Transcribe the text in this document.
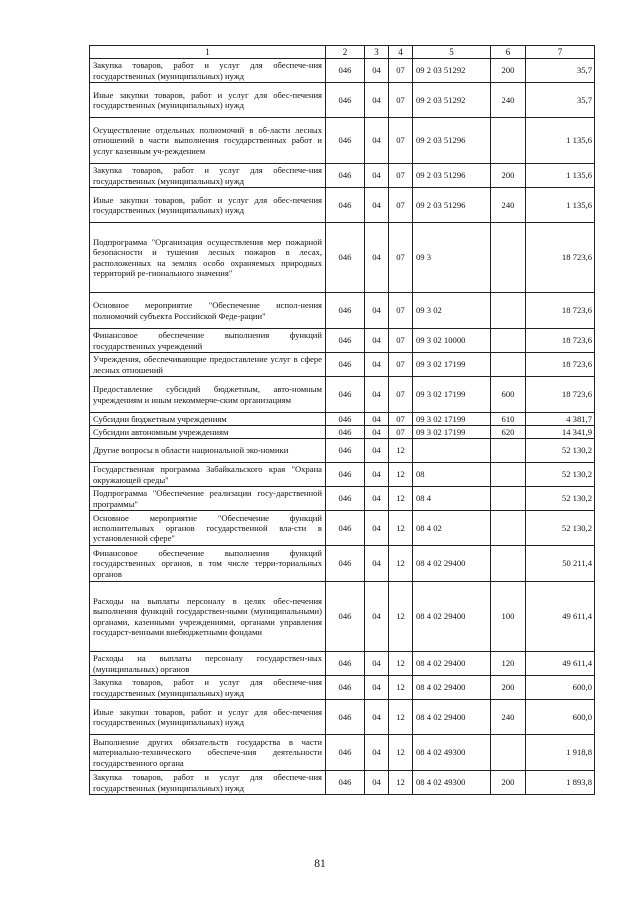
1	2	3	4	5	6	7
Закупка товаров, работ и услуг для обеспече-ния государственных (муниципальных) нужд	046	04	07	09 2 03 51292	200	35,7
Иные закупки товаров, работ и услуг для обес-печения государственных (муниципальных) нужд	046	04	07	09 2 03 51292	240	35,7
Осуществление отдельных полномочий в об-ласти лесных отношений в части выполнения государственных работ и услуг казенным уч-реждением	046	04	07	09 2 03 51296		1 135,6
Закупка товаров, работ и услуг для обеспече-ния государственных (муниципальных) нужд	046	04	07	09 2 03 51296	200	1 135,6
Иные закупки товаров, работ и услуг для обес-печения государственных (муниципальных) нужд	046	04	07	09 2 03 51296	240	1 135,6
Подпрограмма "Организация осуществления мер пожарной безопасности и тушения лесных пожаров в лесах, расположенных на землях особо охраняемых природных территорий ре-гионального значения"	046	04	07	09 3		18 723,6
Основное мероприятие "Обеспечение испол-нения полномочий субъекта Российской Феде-рации"	046	04	07	09 3 02		18 723,6
Финансовое обеспечение выполнения функций государственных учреждений	046	04	07	09 3 02 10000		18 723,6
Учреждения, обеспечивающие предоставление услуг в сфере лесных отношений	046	04	07	09 3 02 17199		18 723,6
Предоставление субсидий бюджетным, авто-номным учреждениям и иным некоммерче-ским организациям	046	04	07	09 3 02 17199	600	18 723,6
Субсидии бюджетным учреждениям	046	04	07	09 3 02 17199	610	4 381,7
Субсидии автономным учреждениям	046	04	07	09 3 02 17199	620	14 341,9
Другие вопросы в области национальной эко-номики	046	04	12			52 130,2
Государственная программа Забайкальского края "Охрана окружающей среды"	046	04	12	08		52 130,2
Подпрограмма "Обеспечение реализации госу-дарственной программы"	046	04	12	08 4		52 130,2
Основное мероприятие "Обеспечение функций исполнительных органов государственной вла-сти в установленной сфере"	046	04	12	08 4 02		52 130,2
Финансовое обеспечение выполнения функций государственных органов, в том числе терри-ториальных органов	046	04	12	08 4 02 29400		50 211,4
Расходы на выплаты персоналу в целях обес-печения выполнения функций государствен-ными (муниципальными) органами, казенными учреждениями, органами управления государст-венными внебюджетными фондами	046	04	12	08 4 02 29400	100	49 611,4
Расходы на выплаты персоналу государствен-ных (муниципальных) органов	046	04	12	08 4 02 29400	120	49 611,4
Закупка товаров, работ и услуг для обеспече-ния государственных (муниципальных) нужд	046	04	12	08 4 02 29400	200	600,0
Иные закупки товаров, работ и услуг для обес-печения государственных (муниципальных) нужд	046	04	12	08 4 02 29400	240	600,0
Выполнение других обязательств государства в части материально-технического обеспече-ния деятельности государственного органа	046	04	12	08 4 02 49300		1 918,8
Закупка товаров, работ и услуг для обеспече-ния государственных (муниципальных) нужд	046	04	12	08 4 02 49300	200	1 893,8
81
